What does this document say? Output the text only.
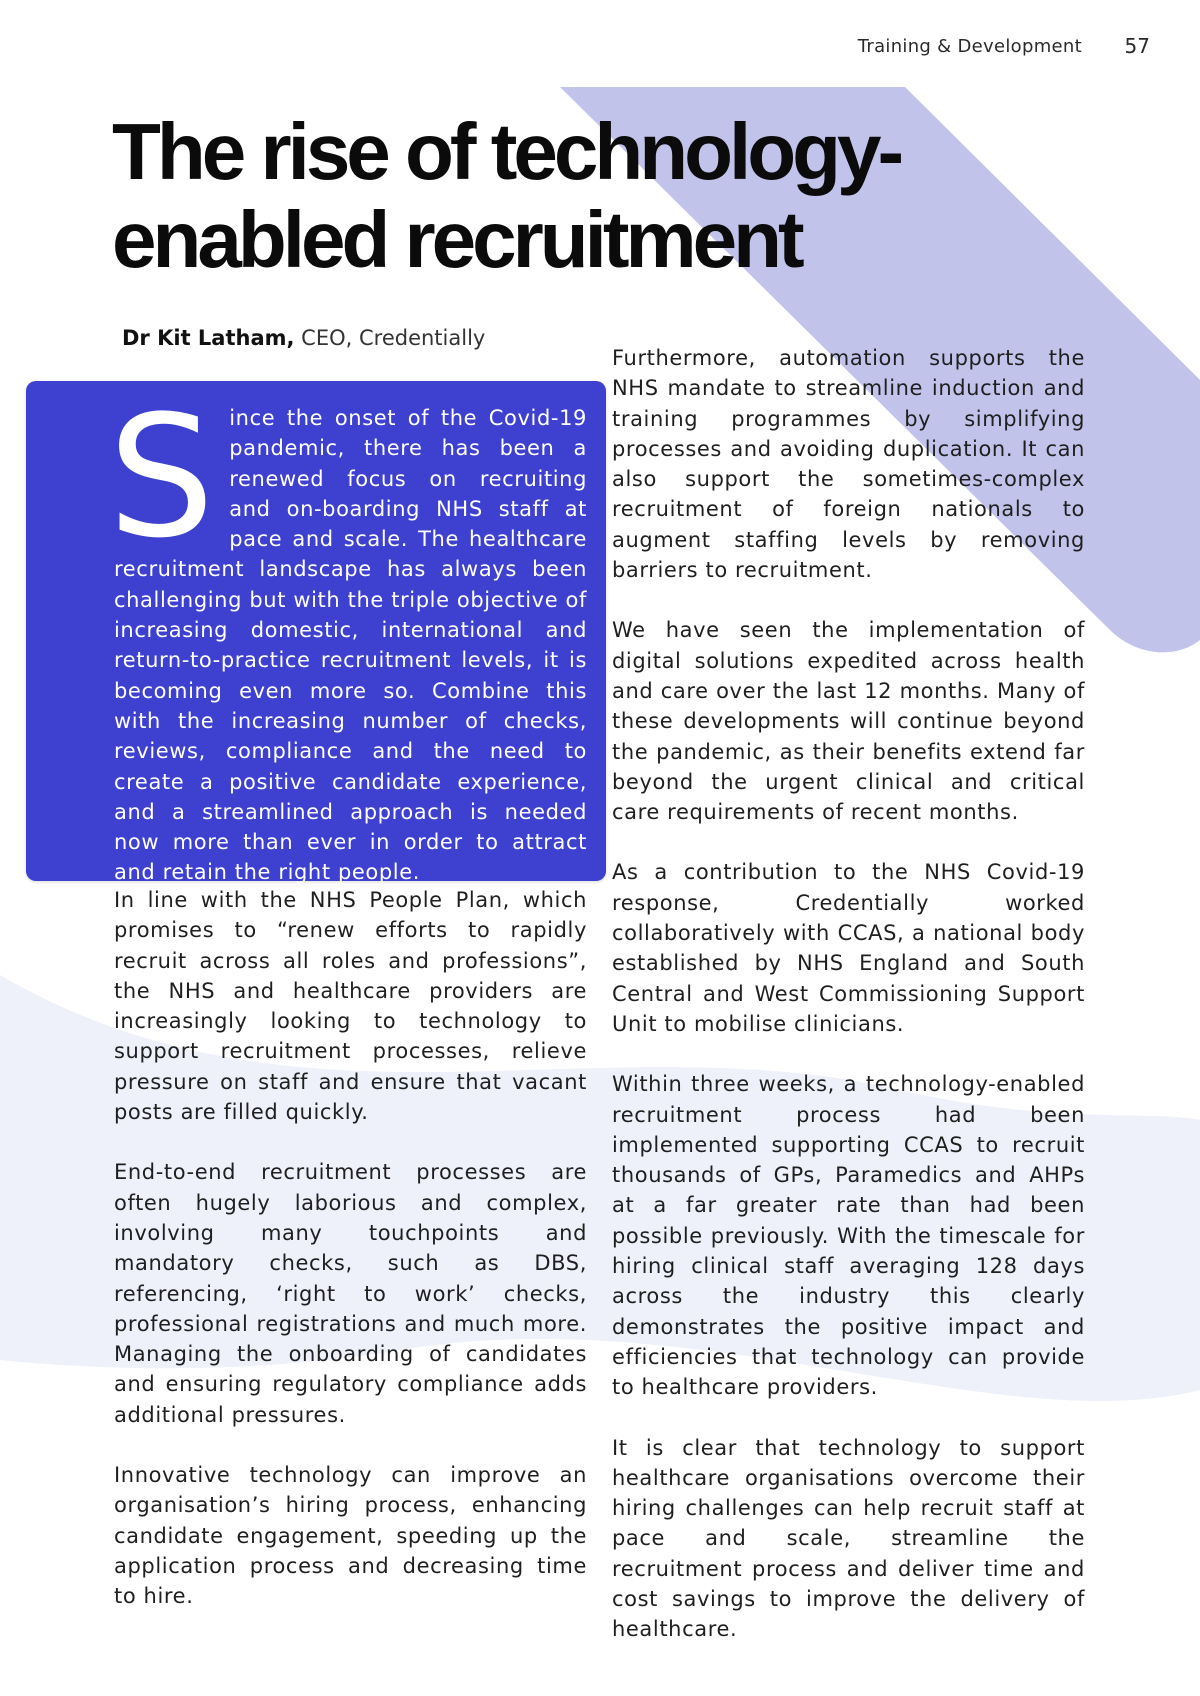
Training & Development 57
The rise of technology-enabled recruitment
Dr Kit Latham, CEO, Credentially

Since the onset of the Covid-19 pandemic, there has been a renewed focus on recruiting and on-boarding NHS staff at pace and scale. The healthcare recruitment landscape has always been challenging but with the triple objective of increasing domestic, international and return-to-practice recruitment levels, it is becoming even more so. Combine this with the increasing number of checks, reviews, compliance and the need to create a positive candidate experience, and a streamlined approach is needed now more than ever in order to attract and retain the right people.

In line with the NHS People Plan, which promises to “renew efforts to rapidly recruit across all roles and professions”, the NHS and healthcare providers are increasingly looking to technology to support recruitment processes, relieve pressure on staff and ensure that vacant posts are filled quickly.

End-to-end recruitment processes are often hugely laborious and complex, involving many touchpoints and mandatory checks, such as DBS, referencing, ‘right to work’ checks, professional registrations and much more. Managing the onboarding of candidates and ensuring regulatory compliance adds additional pressures.

Innovative technology can improve an organisation’s hiring process, enhancing candidate engagement, speeding up the application process and decreasing time to hire.

Furthermore, automation supports the NHS mandate to streamline induction and training programmes by simplifying processes and avoiding duplication. It can also support the sometimes-complex recruitment of foreign nationals to augment staffing levels by removing barriers to recruitment.

We have seen the implementation of digital solutions expedited across health and care over the last 12 months. Many of these developments will continue beyond the pandemic, as their benefits extend far beyond the urgent clinical and critical care requirements of recent months.

As a contribution to the NHS Covid-19 response, Credentially worked collaboratively with CCAS, a national body established by NHS England and South Central and West Commissioning Support Unit to mobilise clinicians.

Within three weeks, a technology-enabled recruitment process had been implemented supporting CCAS to recruit thousands of GPs, Paramedics and AHPs at a far greater rate than had been possible previously. With the timescale for hiring clinical staff averaging 128 days across the industry this clearly demonstrates the positive impact and efficiencies that technology can provide to healthcare providers.

It is clear that technology to support healthcare organisations overcome their hiring challenges can help recruit staff at pace and scale, streamline the recruitment process and deliver time and cost savings to improve the delivery of healthcare.
